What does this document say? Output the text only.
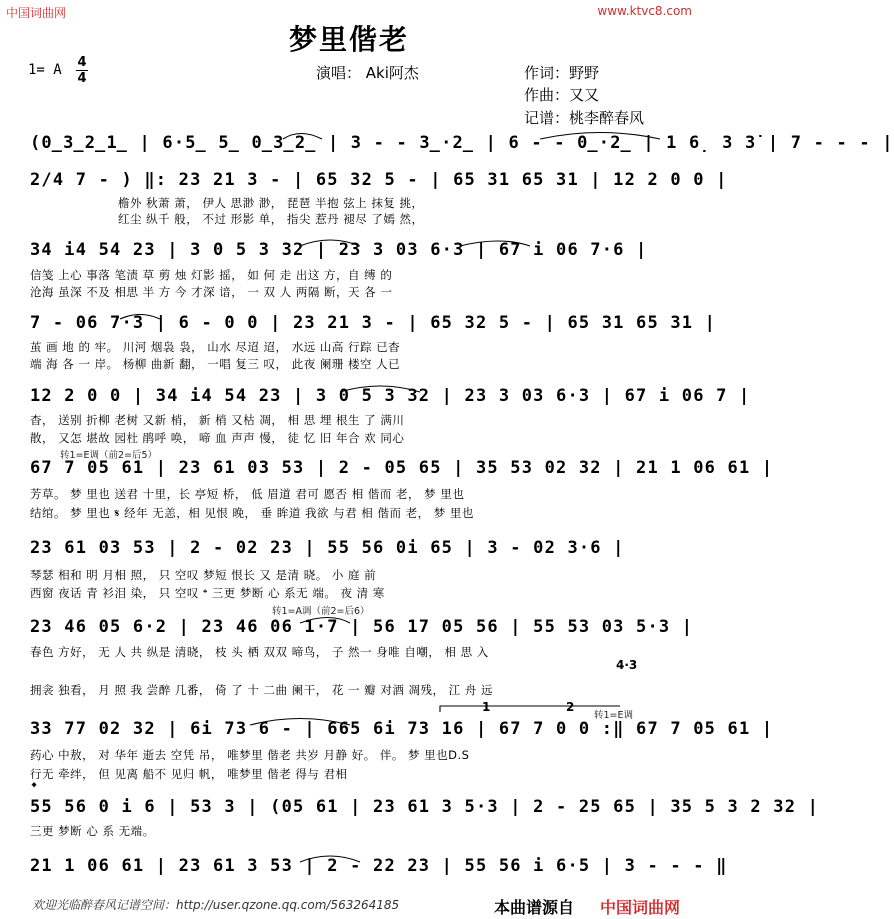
中国词曲网	www.ktvc8.com
梦里偕老
1= A 4
4	演唱： Aki阿杰	作词：野野
作曲：又又
记谱：桃李醉春风
(0̲3̲2̲1̲ | 6·5̲ 5̲ 0̲3̲2̲ | 3 - - 3̲·2̲ | 6 - - 0̲·2̲ | 1 6̣ 3 3̇ | 7 - - - |
2/4 7 - ) ‖: 23 21 3 - | 65 32 5 - | 65 31 65 31 | 12 2 0 0 |
檐外 秋萧 萧， 伊人 思渺 渺， 琵琶 半抱 弦上 抹复 挑，
红尘 纵千 般， 不过 形影 单， 指尖 惹丹 褪尽 了嫣 然，
34 i4 54 23 | 3 0 5 3 32 | 23 3 03 6·3 | 67 i 06 7·6 |
信笺 上心 事落 笔渍 草 剪 烛 灯影 摇， 如 何 走 出这 方，自 缚 的
沧海 虽深 不及 相思 半 方 今 才深 谙， 一 双 人 两隔 断，天 各 一
7 - 06 7·3 | 6 - 0 0 | 23 21 3 - | 65 32 5 - | 65 31 65 31 |
茧 画 地 的 牢。 川河 烟袅 袅， 山水 尽迢 迢， 水远 山高 行踪 已杳
端 海 各 一 岸。 杨柳 曲新 翻， 一唱 复三 叹， 此夜 阑珊 楼空 人已
12 2 0 0 | 34 i4 54 23 | 3 0 5 3 32 | 23 3 03 6·3 | 67 i 06 7 |
杳， 送别 折柳 老树 又新 梢， 新 梢 又枯 凋， 相 思 埋 根生 了 满川
散， 又怎 堪故 园杜 鹃呼 唤， 啼 血 声声 慢， 徒 忆 旧 年合 欢 同心
转1=E调（前2=后5）
67 7 05 61 | 23 61 03 53 | 2 - 05 65 | 35 53 02 32 | 21 1 06 61 |
芳草。 梦 里也 送君 十里，长 亭短 桥， 低 眉道 君可 愿否 相 偕而 老， 梦 里也
结绾。 梦 里也 𝄋 经年 无恙，相 见恨 晚， 垂 眸道 我欲 与君 相 偕而 老， 梦 里也
23 61 03 53 | 2 - 02 23 | 55 56 0i 65 | 3 - 02 3·6 |
琴瑟 相和 明 月相 照， 只 空叹 梦短 恨长 又 是清 晓。 小 庭 前
西窗 夜话 青 衫泪 染， 只 空叹 𝄌 三更 梦断 心 系无 端。 夜 清 寒
转1=A调（前2=后6）
23 46 05 6·2 | 23 46 06 1·7 | 56 17 05 56 | 55 53 03 5·3 |
春色 方好， 无 人 共 纵是 清晓， 枝 头 栖 双双 啼鸟， 子 然一 身唯 自嘲， 相 思 入
4·3
拥衾 独看， 月 照 我 尝醉 几番， 倚 了 十 二曲 阑干， 花 一 瓣 对酒 凋残， 江 舟 远
1	2
转1=E调
33 77 02 32 | 6i 73 6 - | 665 6i 73 16 | 67 7 0 0 :‖ 67 7 05 61 |
药心 中敖， 对 华年 逝去 空凭 吊， 唯梦里 偕老 共岁 月静 好。 伴。 梦 里也D.S
行无 牵绊， 但 见离 船不 见归 帆， 唯梦里 偕老 得与 君相
𝄌
55 56 0 i 6 | 53 3 | (05 61 | 23 61 3 5·3 | 2 - 25 65 | 35 5 3 2 32 |
三更 梦断 心 系 无端。
21 1 06 61 | 23 61 3 53 | 2 - 22 23 | 55 56 i 6·5 | 3 - - - ‖
欢迎光临醉春风记谱空间：http://user.qzone.qq.com/563264185	本曲谱源自 中国词曲网
